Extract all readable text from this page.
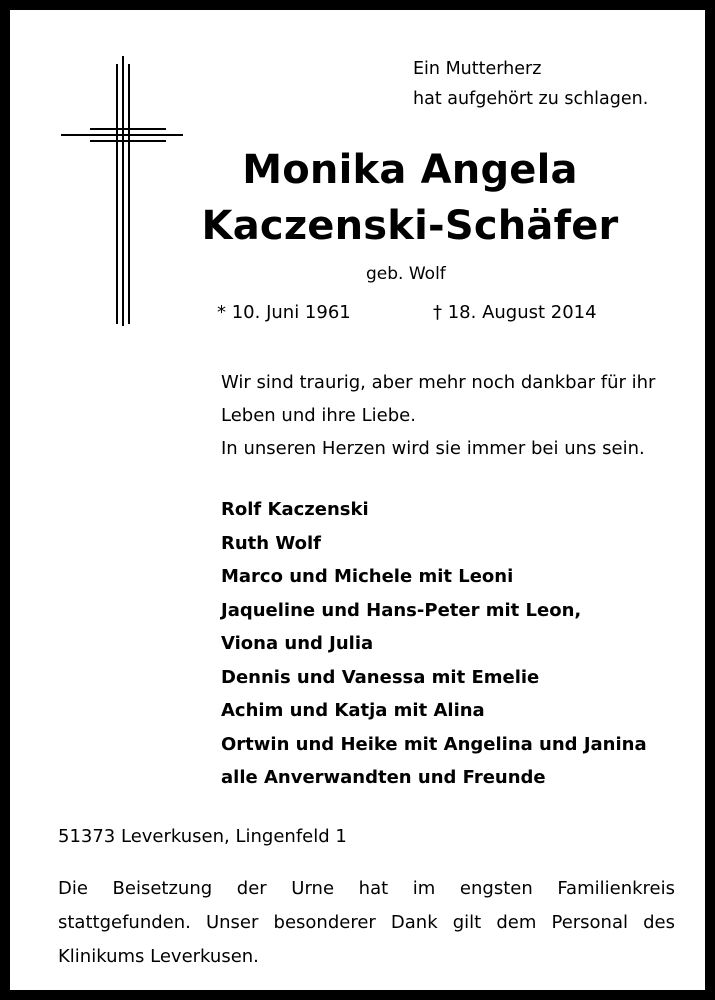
Ein Mutterherz
hat aufgehört zu schlagen.
Monika Angela
Kaczenski-Schäfer
geb. Wolf
* 10. Juni 1961	† 18. August 2014
Wir sind traurig, aber mehr noch dankbar für ihr
Leben und ihre Liebe.
In unseren Herzen wird sie immer bei uns sein.
Rolf Kaczenski
Ruth Wolf
Marco und Michele mit Leoni
Jaqueline und Hans-Peter mit Leon,
Viona und Julia
Dennis und Vanessa mit Emelie
Achim und Katja mit Alina
Ortwin und Heike mit Angelina und Janina
alle Anverwandten und Freunde
51373 Leverkusen, Lingenfeld 1
Die Beisetzung der Urne hat im engsten Familienkreis stattgefunden. Unser besonderer Dank gilt dem Personal des Klinikums Leverkusen.
